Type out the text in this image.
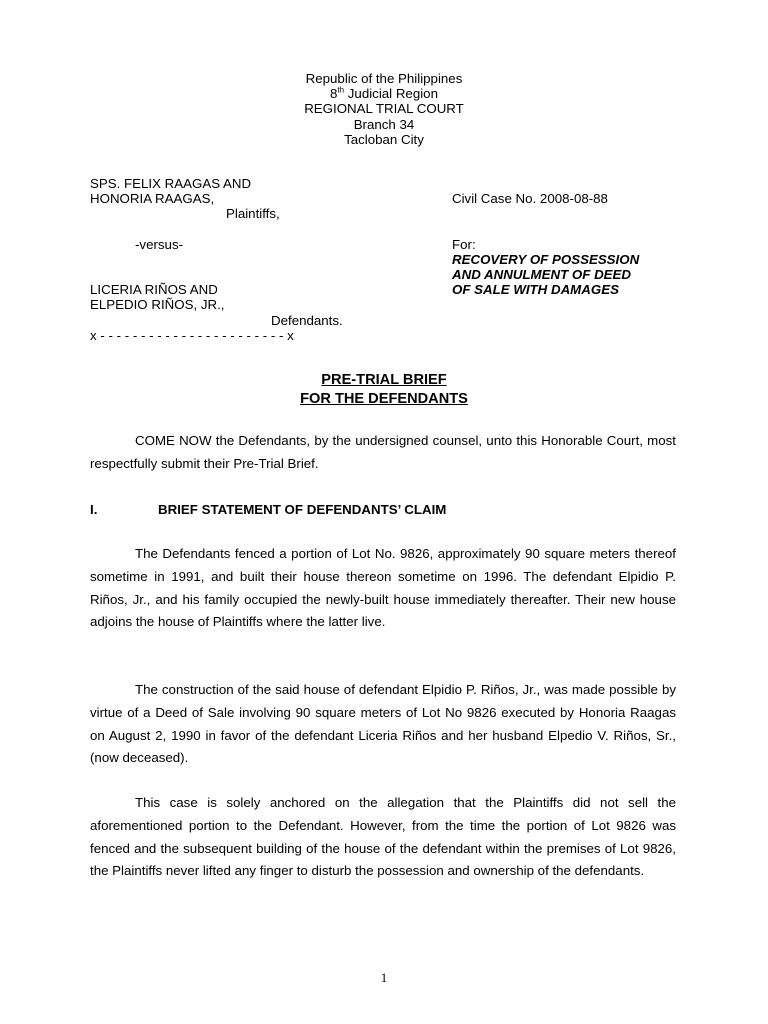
Republic of the Philippines
8th Judicial Region
REGIONAL TRIAL COURT
Branch 34
Tacloban City
SPS. FELIX RAAGAS AND
HONORIA RAAGAS,
Plaintiffs,
-versus-
LICERIA RIÑOS AND
ELPEDIO RIÑOS, JR.,
Defendants.
x - - - - - - - - - - - - - - - - - - - - - - - x
Civil Case No. 2008-08-88
For:
RECOVERY OF POSSESSION
AND ANNULMENT OF DEED
OF SALE WITH DAMAGES
PRE-TRIAL BRIEF
FOR THE DEFENDANTS
COME NOW the Defendants, by the undersigned counsel, unto this Honorable Court, most respectfully submit their Pre-Trial Brief.
I.	BRIEF STATEMENT OF DEFENDANTS’ CLAIM
The Defendants fenced a portion of Lot No. 9826, approximately 90 square meters thereof sometime in 1991, and built their house thereon sometime on 1996. The defendant Elpidio P. Riños, Jr., and his family occupied the newly-built house immediately thereafter. Their new house adjoins the house of Plaintiffs where the latter live.
The construction of the said house of defendant Elpidio P. Riños, Jr., was made possible by virtue of a Deed of Sale involving 90 square meters of Lot No 9826 executed by Honoria Raagas on August 2, 1990 in favor of the defendant Liceria Riños and her husband Elpedio V. Riños, Sr., (now deceased).
This case is solely anchored on the allegation that the Plaintiffs did not sell the aforementioned portion to the Defendant. However, from the time the portion of Lot 9826 was fenced and the subsequent building of the house of the defendant within the premises of Lot 9826, the Plaintiffs never lifted any finger to disturb the possession and ownership of the defendants.
1
